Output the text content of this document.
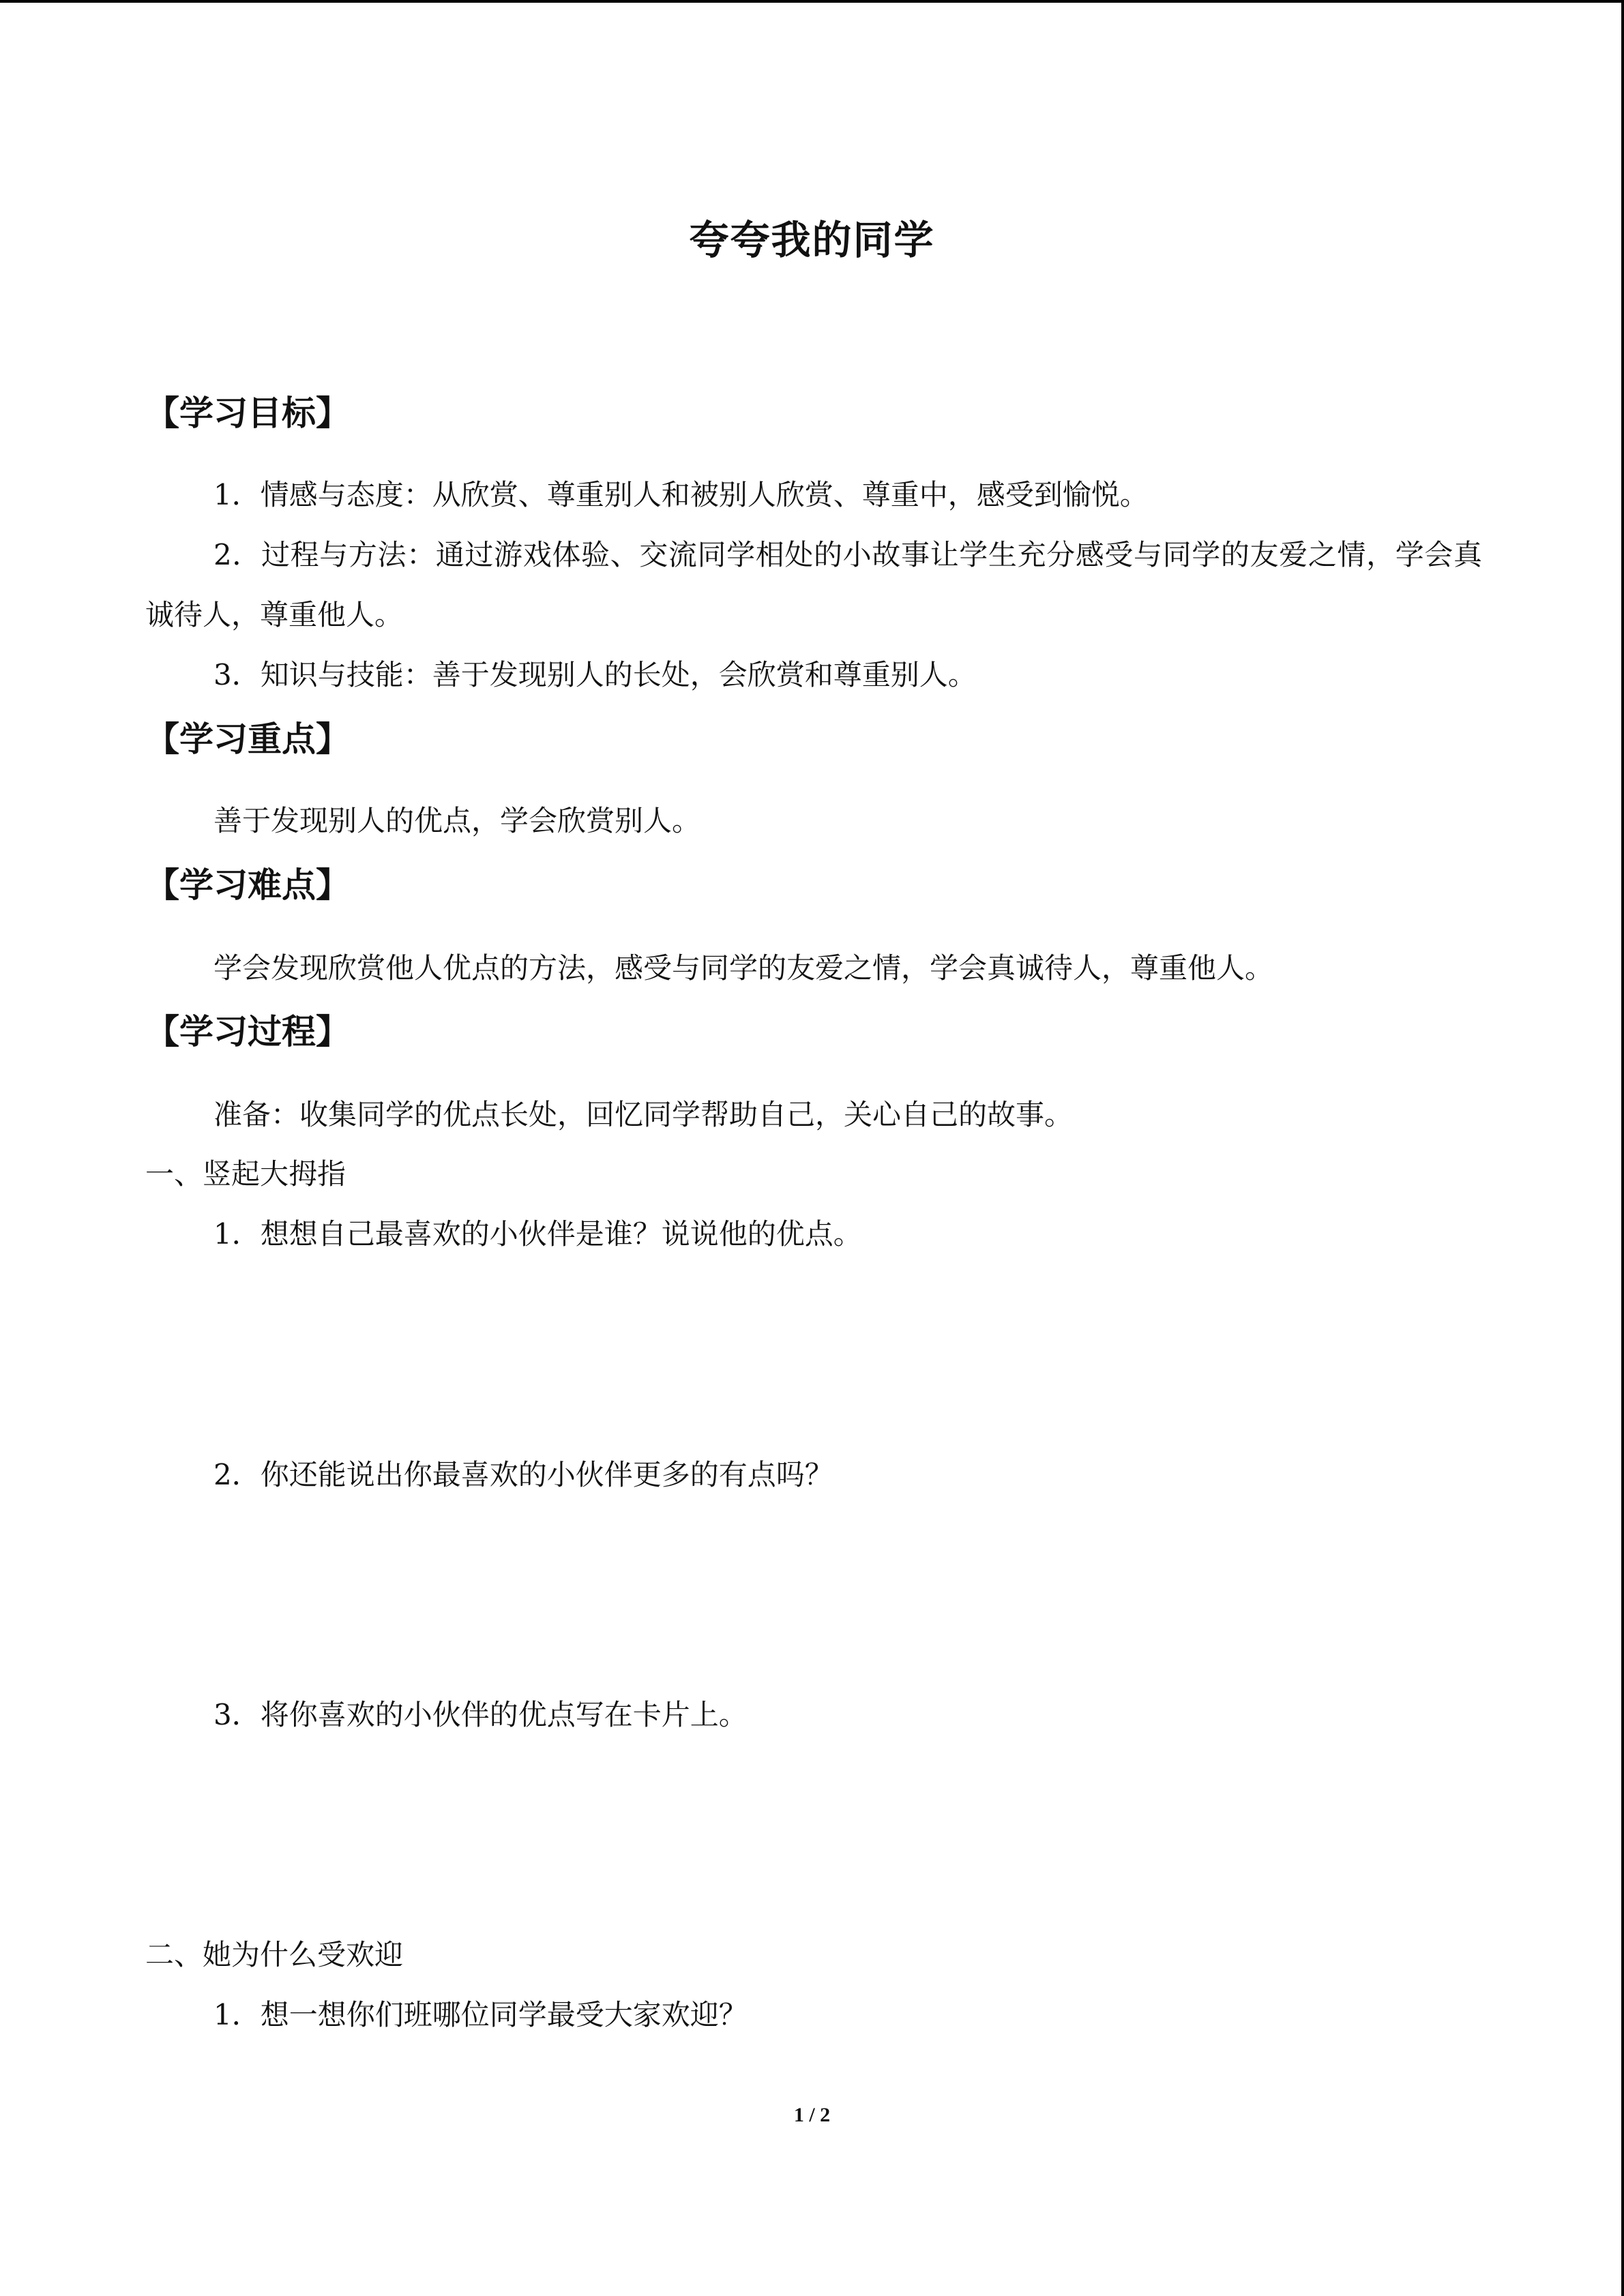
夸夸我的同学
【学习目标】
1．情感与态度：从欣赏、尊重别人和被别人欣赏、尊重中，感受到愉悦。
2．过程与方法：通过游戏体验、交流同学相处的小故事让学生充分感受与同学的友爱之情，学会真诚待人，尊重他人。
3．知识与技能：善于发现别人的长处，会欣赏和尊重别人。
【学习重点】
善于发现别人的优点，学会欣赏别人。
【学习难点】
学会发现欣赏他人优点的方法，感受与同学的友爱之情，学会真诚待人，尊重他人。
【学习过程】
准备：收集同学的优点长处，回忆同学帮助自己，关心自己的故事。
一、竖起大拇指
1．想想自己最喜欢的小伙伴是谁？说说他的优点。
2．你还能说出你最喜欢的小伙伴更多的有点吗？
3．将你喜欢的小伙伴的优点写在卡片上。
二、她为什么受欢迎
1．想一想你们班哪位同学最受大家欢迎？
1 / 2
